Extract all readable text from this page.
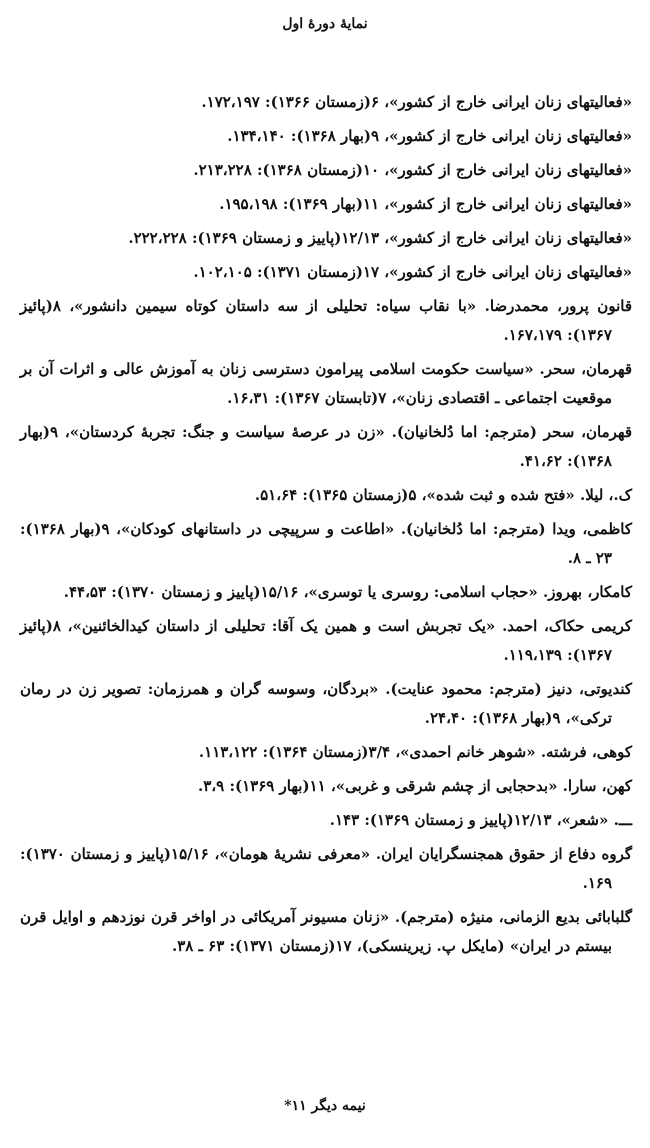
نمایهٔ دورهٔ اول

«فعالیتهای زنان ایرانی خارج از کشور»، ۶(زمستان ۱۳۶۶): ۱۷۲،۱۹۷.

«فعالیتهای زنان ایرانی خارج از کشور»، ۹(بهار ۱۳۶۸): ۱۳۴،۱۴۰.

«فعالیتهای زنان ایرانی خارج از کشور»، ۱۰(زمستان ۱۳۶۸): ۲۱۳،۲۲۸.

«فعالیتهای زنان ایرانی خارج از کشور»، ۱۱(بهار ۱۳۶۹): ۱۹۵،۱۹۸.

«فعالیتهای زنان ایرانی خارج از کشور»، ۱۲/۱۳(پاییز و زمستان ۱۳۶۹): ۲۲۲،۲۲۸.

«فعالیتهای زنان ایرانی خارج از کشور»، ۱۷(زمستان ۱۳۷۱): ۱۰۲،۱۰۵.

قانون پرور، محمدرضا. «با نقاب سیاه: تحلیلی از سه داستان کوتاه سیمین دانشور»، ۸(پائیز ۱۳۶۷): ۱۶۷،۱۷۹.

قهرمان، سحر. «سیاست حکومت اسلامی پیرامون دسترسی زنان به آموزش عالی و اثرات آن بر موقعیت اجتماعی ـ اقتصادی زنان»، ۷(تابستان ۱۳۶۷): ۱۶،۳۱.

قهرمان، سحر (مترجم: اما دُلخانیان). «زن در عرصهٔ سیاست و جنگ: تجربهٔ کردستان»، ۹(بهار ۱۳۶۸): ۴۱،۶۲.

ک.، لیلا. «فتح شده و ثبت شده»، ۵(زمستان ۱۳۶۵): ۵۱،۶۴.

کاظمی، ویدا (مترجم: اما دُلخانیان). «اطاعت و سرپیچی در داستانهای کودکان»، ۹(بهار ۱۳۶۸): ۲۳ ـ ۸.

کامکار، بهروز. «حجاب اسلامی: روسری یا توسری»، ۱۵/۱۶(پاییز و زمستان ۱۳۷۰): ۴۴،۵۳.

کریمی حکاک، احمد. «یک تجربش است و همین یک آقا: تحلیلی از داستان کیدالخائنین»، ۸(پائیز ۱۳۶۷): ۱۱۹،۱۳۹.

کندیوتی، دنیز (مترجم: محمود عنایت). «بردگان، وسوسه گران و همرزمان: تصویر زن در رمان ترکی»، ۹(بهار ۱۳۶۸): ۲۴،۴۰.

کوهی، فرشته. «شوهر خانم احمدی»، ۳/۴(زمستان ۱۳۶۴): ۱۱۳،۱۲۲.

کهن، سارا. «بدحجابی از چشم شرقی و غربی»، ۱۱(بهار ۱۳۶۹): ۳،۹.

ـــ. «شعر»، ۱۲/۱۳(پاییز و زمستان ۱۳۶۹): ۱۴۳.

گروه دفاع از حقوق همجنسگرایان ایران. «معرفی نشریهٔ هومان»، ۱۵/۱۶(پاییز و زمستان ۱۳۷۰): ۱۶۹.

گلبابائی بدیع الزمانی، منیژه (مترجم). «زنان مسیونر آمریکائی در اواخر قرن نوزدهم و اوایل قرن بیستم در ایران» (مایکل پ. زیرینسکی)، ۱۷(زمستان ۱۳۷۱): ۶۳ ـ ۳۸.

نیمه دیگر ۱۱*
